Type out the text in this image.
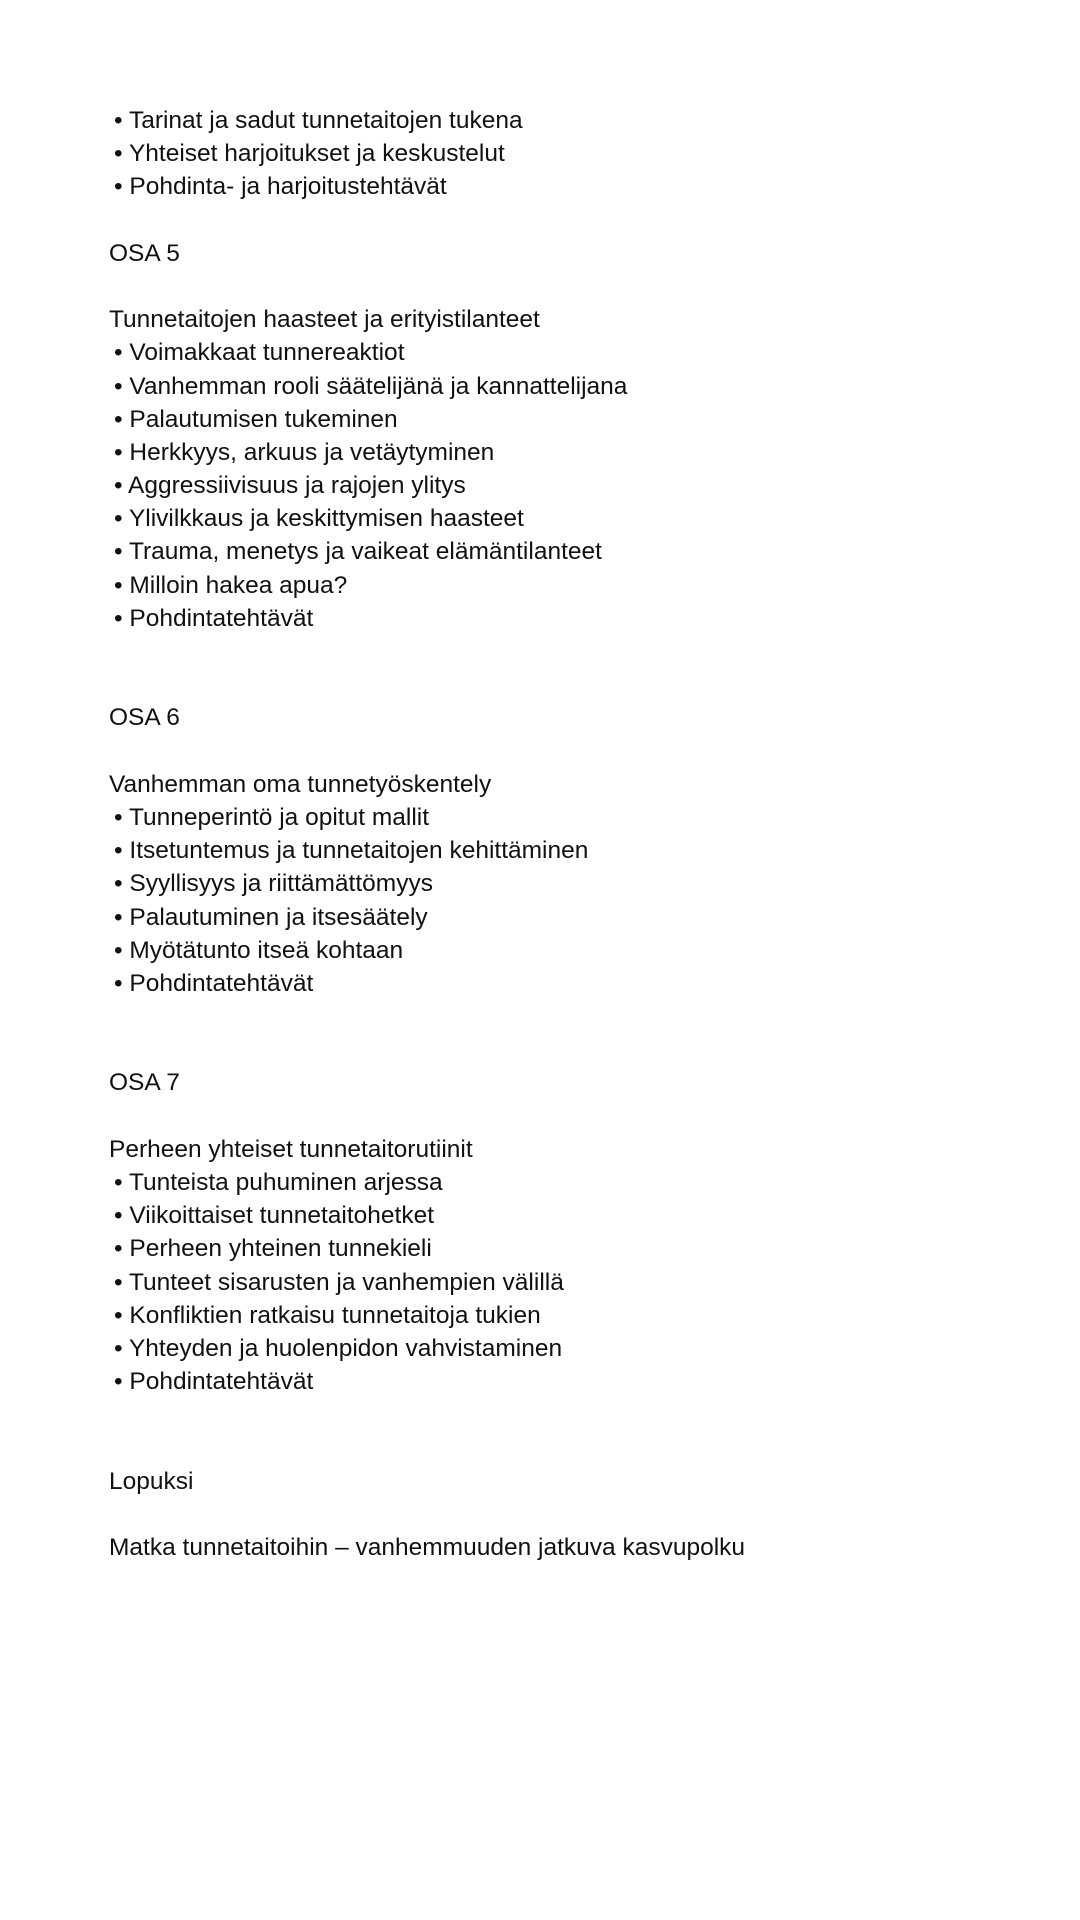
• Tarinat ja sadut tunnetaitojen tukena
• Yhteiset harjoitukset ja keskustelut
• Pohdinta- ja harjoitustehtävät
OSA 5
Tunnetaitojen haasteet ja erityistilanteet
• Voimakkaat tunnereaktiot
• Vanhemman rooli säätelijänä ja kannattelijana
• Palautumisen tukeminen
• Herkkyys, arkuus ja vetäytyminen
• Aggressiivisuus ja rajojen ylitys
• Ylivilkkaus ja keskittymisen haasteet
• Trauma, menetys ja vaikeat elämäntilanteet
• Milloin hakea apua?
• Pohdintatehtävät
OSA 6
Vanhemman oma tunnetyöskentely
• Tunneperintö ja opitut mallit
• Itsetuntemus ja tunnetaitojen kehittäminen
• Syyllisyys ja riittämättömyys
• Palautuminen ja itsesäätely
• Myötätunto itseä kohtaan
• Pohdintatehtävät
OSA 7
Perheen yhteiset tunnetaitorutiinit
• Tunteista puhuminen arjessa
• Viikoittaiset tunnetaitohetket
• Perheen yhteinen tunnekieli
• Tunteet sisarusten ja vanhempien välillä
• Konfliktien ratkaisu tunnetaitoja tukien
• Yhteyden ja huolenpidon vahvistaminen
• Pohdintatehtävät
Lopuksi
Matka tunnetaitoihin – vanhemmuuden jatkuva kasvupolku
